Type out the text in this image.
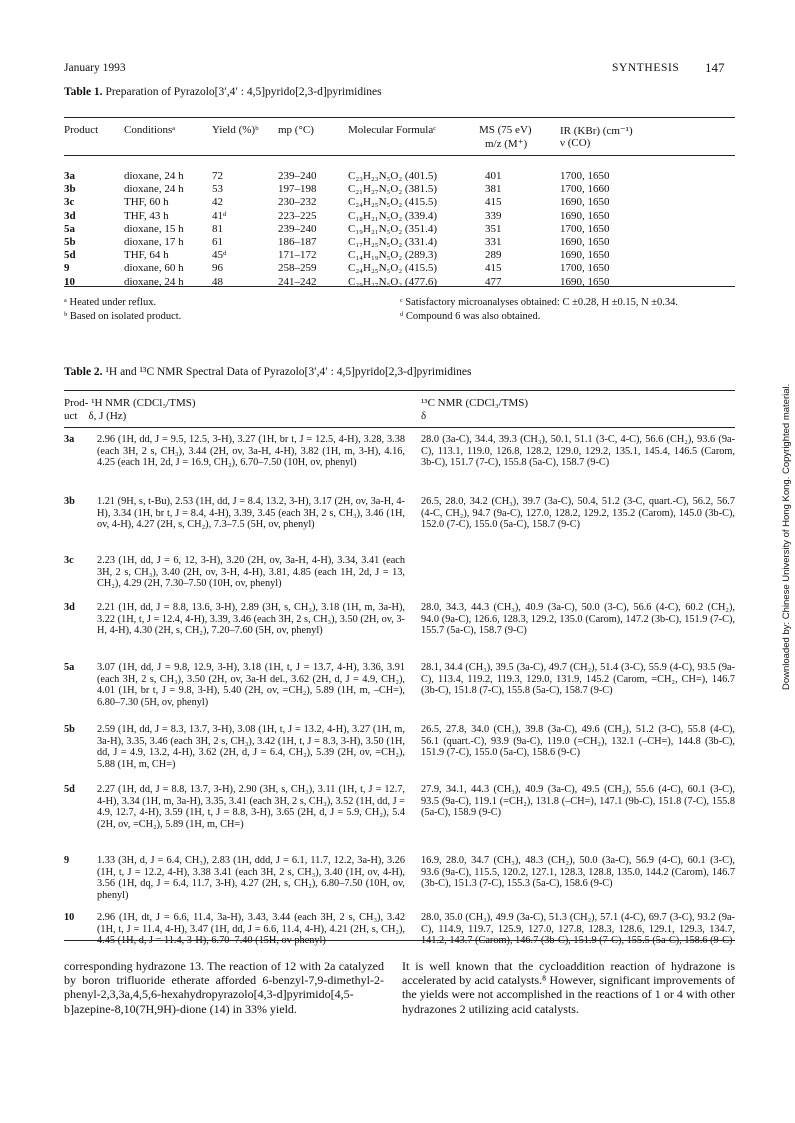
January 1993	SYNTHESIS 147
Table 1. Preparation of Pyrazolo[3′,4′ : 4,5]pyrido[2,3-d]pyrimidines
Product Conditionsᵃ	Yield (%)ᵇ mp (°C)	Molecular Formulaᶜ	MS (75 eV)	IR (KBr) (cm⁻¹)
m/z (M⁺)	ν (CO)
3a	dioxane, 24 h	72	239–240	C₂₃H₂₃N₅O₂ (401.5)	401	1700, 1650
3b	dioxane, 24 h	53	197–198	C₂₁H₂₇N₅O₂ (381.5)	381	1700, 1660
3c	THF, 60 h	42	230–232	C₂₄H₂₅N₅O₂ (415.5)	415	1690, 1650
3d	THF, 43 h	41ᵈ	223–225	C₁₈H₂₁N₅O₂ (339.4)	339	1690, 1650
5a	dioxane, 15 h	81	239–240	C₁₉H₂₁N₅O₂ (351.4)	351	1700, 1650
5b	dioxane, 17 h	61	186–187	C₁₇H₂₅N₅O₂ (331.4)	331	1690, 1650
5d	THF, 64 h	45ᵈ	171–172	C₁₄H₁₉N₅O₂ (289.3)	289	1690, 1650
9	dioxane, 60 h	96	258–259	C₂₄H₂₅N₅O₂ (415.5)	415	1700, 1650
10	dioxane, 24 h	48	241–242	C₂₉H₂₇N₅O₂ (477.6)	477	1690, 1650
ᵃ Heated under reflux.
ᵇ Based on isolated product.
ᶜ Satisfactory microanalyses obtained: C ±0.28, H ±0.15, N ±0.34.
ᵈ Compound 6 was also obtained.
Table 2. ¹H and ¹³C NMR Spectral Data of Pyrazolo[3′,4′ : 4,5]pyrido[2,3-d]pyrimidines
Prod- ¹H NMR (CDCl₃/TMS)
uct    δ, J (Hz)
¹³C NMR (CDCl₃/TMS)
δ
3a 2.96 (1H, dd, J = 9.5, 12.5, 3-H), 3.27 (1H, br t, J = 12.5, 4-H), 3.28, 3.38 (each 3H, 2 s, CH₃), 3.44 (2H, ov, 3a-H, 4-H), 3.82 (1H, m, 3-H), 4.16, 4.25 (each 1H, 2d, J = 16.9, CH₂), 6.70–7.50 (10H, ov, phenyl)
28.0 (3a-C), 34.4, 39.3 (CH₃), 50.1, 51.1 (3-C, 4-C), 56.6 (CH₂), 93.6 (9a-C), 113.1, 119.0, 126.8, 128.2, 129.0, 129.2, 135.1, 145.4, 146.5 (Carom, 3b-C), 151.7 (7-C), 155.8 (5a-C), 158.7 (9-C)
3b 1.21 (9H, s, t-Bu), 2.53 (1H, dd, J = 8.4, 13.2, 3-H), 3.17 (2H, ov, 3a-H, 4-H), 3.34 (1H, br t, J = 8.4, 4-H), 3.39, 3.45 (each 3H, 2 s, CH₃), 3.46 (1H, ov, 4-H), 4.27 (2H, s, CH₂), 7.3–7.5 (5H, ov, phenyl)
26.5, 28.0, 34.2 (CH₃), 39.7 (3a-C), 50.4, 51.2 (3-C, quart.-C), 56.2, 56.7 (4-C, CH₂), 94.7 (9a-C), 127.0, 128.2, 129.2, 135.2 (Carom), 145.0 (3b-C), 152.0 (7-C), 155.0 (5a-C), 158.7 (9-C)
3c 2.23 (1H, dd, J = 6, 12, 3-H), 3.20 (2H, ov, 3a-H, 4-H), 3.34, 3.41 (each 3H, 2 s, CH₃), 3.40 (2H, ov, 3-H, 4-H), 3.81, 4.85 (each 1H, 2d, J = 13, CH₂), 4.29 (2H, 7.30–7.50 (10H, ov, phenyl)
3d 2.21 (1H, dd, J = 8.8, 13.6, 3-H), 2.89 (3H, s, CH₃), 3.18 (1H, m, 3a-H), 3.22 (1H, t, J = 12.4, 4-H), 3.39, 3.46 (each 3H, 2 s, CH₃), 3.50 (2H, ov, 3-H, 4-H), 4.30 (2H, s, CH₂), 7.20–7.60 (5H, ov, phenyl)
28.0, 34.3, 44.3 (CH₃), 40.9 (3a-C), 50.0 (3-C), 56.6 (4-C), 60.2 (CH₂), 94.0 (9a-C), 126.6, 128.3, 129.2, 135.0 (Carom), 147.2 (3b-C), 151.9 (7-C), 155.7 (5a-C), 158.7 (9-C)
5a 3.07 (1H, dd, J = 9.8, 12.9, 3-H), 3.18 (1H, t, J = 13.7, 4-H), 3.36, 3.91 (each 3H, 2 s, CH₃), 3.50 (2H, ov, 3a-H del., 3.62 (2H, d, J = 4.9, CH₂), 4.01 (1H, br t, J = 9.8, 3-H), 5.40 (2H, ov, =CH₂), 5.89 (1H, m, –CH=), 6.80–7.30 (5H, ov, phenyl)
28.1, 34.4 (CH₃), 39.5 (3a-C), 49.7 (CH₂), 51.4 (3-C), 55.9 (4-C), 93.5 (9a-C), 113.4, 119.2, 119.3, 129.0, 131.9, 145.2 (Carom, =CH₂, CH=), 146.7 (3b-C), 151.8 (7-C), 155.8 (5a-C), 158.7 (9-C)
5b 2.59 (1H, dd, J = 8.3, 13.7, 3-H), 3.08 (1H, t, J = 13.2, 4-H), 3.27 (1H, m, 3a-H), 3.35, 3.46 (each 3H, 2 s, CH₃), 3.42 (1H, t, J = 8.3, 3-H), 3.50 (1H, dd, J = 4.9, 13.2, 4-H), 3.62 (2H, d, J = 6.4, CH₂), 5.39 (2H, ov, =CH₂), 5.88 (1H, m, CH=)
26.5, 27.8, 34.0 (CH₃), 39.8 (3a-C), 49.6 (CH₂), 51.2 (3-C), 55.8 (4-C), 56.1 (quart.-C), 93.9 (9a-C), 119.0 (=CH₂), 132.1 (–CH=), 144.8 (3b-C), 151.9 (7-C), 155.0 (5a-C), 158.6 (9-C)
5d 2.27 (1H, dd, J = 8.8, 13.7, 3-H), 2.90 (3H, s, CH₃), 3.11 (1H, t, J = 12.7, 4-H), 3.34 (1H, m, 3a-H), 3.35, 3.41 (each 3H, 2 s, CH₃), 3.52 (1H, dd, J = 4.9, 12.7, 4-H), 3.59 (1H, t, J = 8.8, 3-H), 3.65 (2H, d, J = 5.9, CH₂), 5.4 (2H, ov, =CH₂), 5.89 (1H, m, CH=)
27.9, 34.1, 44.3 (CH₃), 40.9 (3a-C), 49.5 (CH₂), 55.6 (4-C), 60.1 (3-C), 93.5 (9a-C), 119.1 (=CH₂), 131.8 (–CH=), 147.1 (9b-C), 151.8 (7-C), 155.8 (5a-C), 158.9 (9-C)
9	1.33 (3H, d, J = 6.4, CH₃), 2.83 (1H, ddd, J = 6.1, 11.7, 12.2, 3a-H), 3.26 (1H, t, J = 12.2, 4-H), 3.38 3.41 (each 3H, 2 s, CH₃), 3.40 (1H, ov, 4-H), 3.56 (1H, dq, J = 6.4, 11.7, 3-H), 4.27 (2H, s, CH₂), 6.80–7.50 (10H, ov, phenyl)
16.9, 28.0, 34.7 (CH₃), 48.3 (CH₂), 50.0 (3a-C), 56.9 (4-C), 60.1 (3-C), 93.6 (9a-C), 115.5, 120.2, 127.1, 128.3, 128.8, 135.0, 144.2 (Carom), 146.7 (3b-C), 151.3 (7-C), 155.3 (5a-C), 158.6 (9-C)
10 2.96 (1H, dt, J = 6.6, 11.4, 3a-H), 3.43, 3.44 (each 3H, 2 s, CH₃), 3.42 (1H, t, J = 11.4, 4-H), 3.47 (1H, dd, J = 6.6, 11.4, 4-H), 4.21 (2H, s, CH₂), 4.45 (1H, d, J = 11.4, 3-H), 6.70–7.40 (15H, ov phenyl)
28.0, 35.0 (CH₃), 49.9 (3a-C), 51.3 (CH₂), 57.1 (4-C), 69.7 (3-C), 93.2 (9a-C), 114.9, 119.7, 125.9, 127.0, 127.8, 128.3, 128.6, 129.1, 129.3, 134.7, 141.2, 143.7 (Carom), 146.7 (3b-C), 151.9 (7-C), 155.5 (5a-C), 158.6 (9-C)
corresponding hydrazone 13. The reaction of 12 with 2a catalyzed by boron trifluoride etherate afforded 6-benzyl-7,9-dimethyl-2-phenyl-2,3,3a,4,5,6-hexahydropyrazolo[4,3-d]pyrimido[4,5-b]azepine-8,10(7H,9H)-dione (14) in 33% yield.
It is well known that the cycloaddition reaction of hydrazone is accelerated by acid catalysts.⁸ However, significant improvements of the yields were not accomplished in the reactions of 1 or 4 with other hydrazones 2 utilizing acid catalysts.
Downloaded by: Chinese University of Hong Kong. Copyrighted material.
